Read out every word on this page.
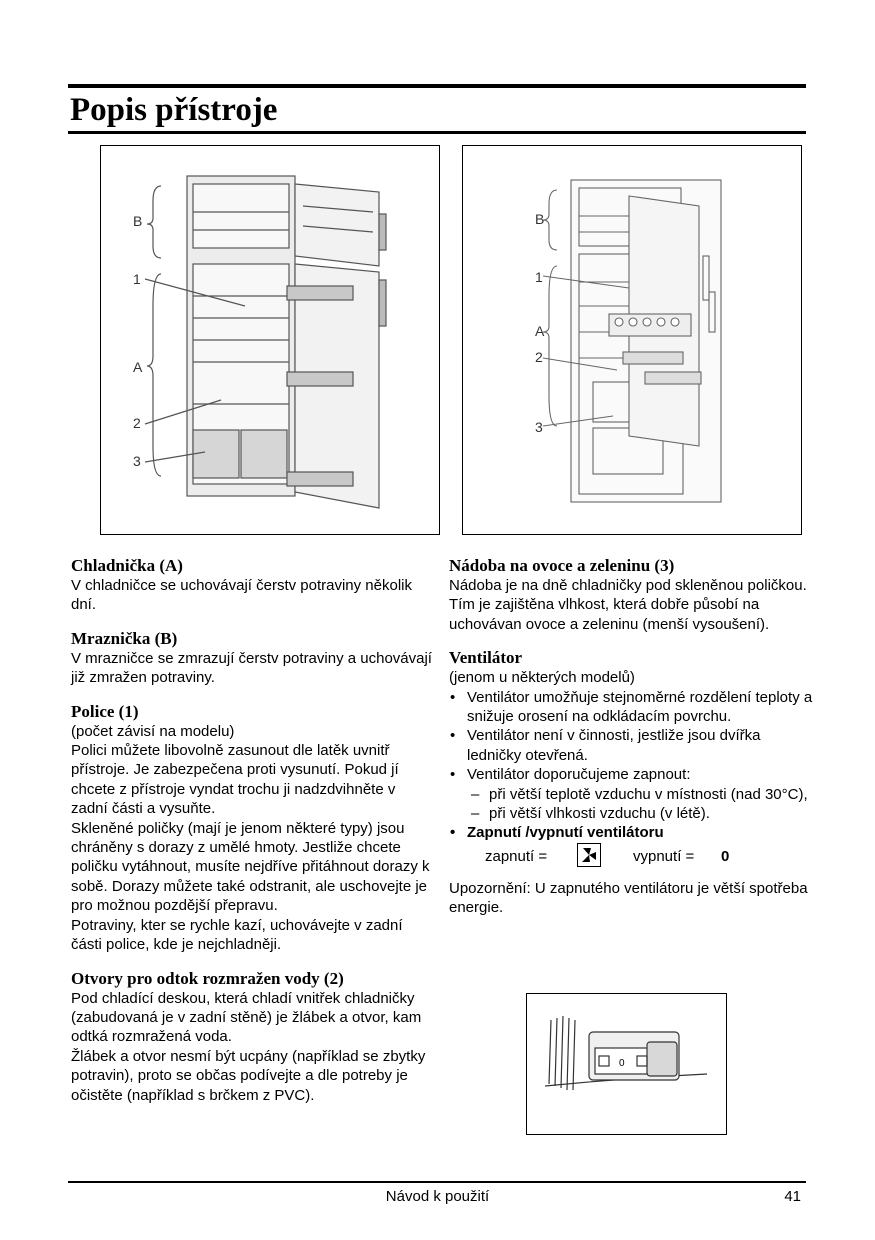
Popis přístroje
B
1
A
2
3
B
1
A
2
3

Chladnička (A)

V chladničce se uchovávají čerstv potraviny několik dní.

Mraznička (B)

V mrazničce se zmrazují čerstv potraviny a uchovávají již zmražen potraviny.

Police (1)

(počet závisí na modelu)

Polici můžete libovolně zasunout dle latěk uvnitř přístroje. Je zabezpečena proti vysunutí. Pokud jí chcete z přístroje vyndat trochu ji nadzdvihněte v zadní části a vysuňte.

Skleněné poličky (mají je jenom některé typy) jsou chráněny s dorazy z umělé hmoty. Jestliže chcete poličku vytáhnout, musíte nejdříve přitáhnout dorazy k sobě. Dorazy můžete také odstranit, ale uschovejte je pro možnou pozdější přepravu.

Potraviny, kter se rychle kazí, uchovávejte v zadní části police, kde je nejchladněji.

Otvory pro odtok rozmražen vody (2)

Pod chladící deskou, která chladí vnitřek chladničky (zabudovaná je v zadní stěně) je žlábek a otvor, kam odtká rozmražená voda.

Žlábek a otvor nesmí být ucpány (například se zbytky potravin), proto se občas podívejte a dle potreby je očistěte (například s brčkem z PVC).

Nádoba na ovoce a zeleninu (3)

Nádoba je na dně chladničky pod skleněnou poličkou. Tím je zajištěna vlhkost, která dobře působí na uchovávan ovoce a zeleninu (menší vysoušení).

Ventilátor

(jenom u některých modelů)

• Ventilátor umožňuje stejnoměrné rozdělení teploty a snižuje orosení na odkládacím povrchu.
• Ventilátor není v činnosti, jestliže jsou dvířka ledničky otevřená.
• Ventilátor doporučujeme zapnout:
– při větší teplotě vzduchu v místnosti (nad 30°C),
– při větší vlhkosti vzduchu (v létě).
• Zapnutí /vypnutí ventilátoru
zapnutí =	vypnutí = 0

Upozornění: U zapnutého ventilátoru je větší spotřeba energie.

0
Návod k použití	41
